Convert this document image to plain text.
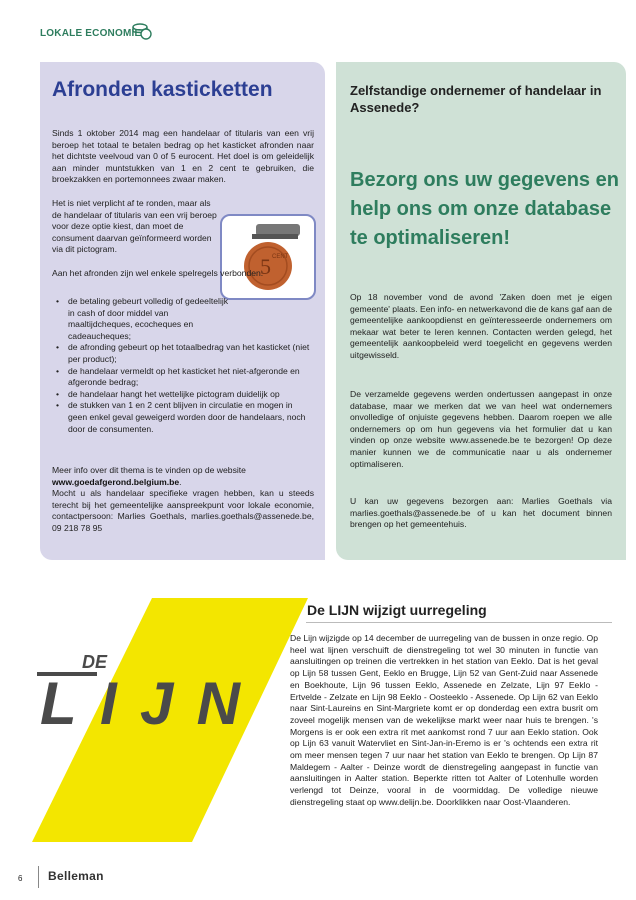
LOKALE ECONOMIE
Afronden kasticketten
Sinds 1 oktober 2014 mag een handelaar of titularis van een vrij beroep het totaal te betalen bedrag op het kasticket afronden naar het dichtste veelvoud van 0 of 5 eurocent. Het doel is om geleidelijk aan minder muntstukken van 1 en 2 cent te gebruiken, die broekzakken en portemonnees zwaar maken.
Het is niet verplicht af te ronden, maar als de handelaar of titularis van een vrij beroep voor deze optie kiest, dan moet de consument daarvan geïnformeerd worden via dit pictogram.
5 CENT
Aan het afronden zijn wel enkele spelregels verbonden:
• de betaling gebeurt volledig of gedeeltelijk in cash of door middel van maaltijdcheques, ecocheques en cadeaucheques;
• de afronding gebeurt op het totaalbedrag van het kasticket (niet per product);
• de handelaar vermeldt op het kasticket het niet-afgeronde en afgeronde bedrag;
• de handelaar hangt het wettelijke pictogram duidelijk op
• de stukken van 1 en 2 cent blijven in circulatie en mogen in geen enkel geval geweigerd worden door de handelaars, noch door de consumenten.

Meer info over dit thema is te vinden op de website
www.goedafgerond.belgium.be.

Mocht u als handelaar specifieke vragen hebben, kan u steeds terecht bij het gemeentelijke aanspreekpunt voor lokale economie, contactpersoon: Marlies Goethals, marlies.goethals@assenede.be, 09 218 78 95

Zelfstandige ondernemer of handelaar in Assenede?
Bezorg ons uw gegevens en help ons om onze database te optimaliseren!
Op 18 november vond de avond 'Zaken doen met je eigen gemeente' plaats. Een info- en netwerkavond die de kans gaf aan de gemeentelijke aankoopdienst en geïnteresseerde ondernemers om mekaar wat beter te leren kennen. Contacten werden gelegd, het gemeentelijk aankoopbeleid werd toegelicht en gegevens werden uitgewisseld.
De verzamelde gegevens werden ondertussen aangepast in onze database, maar we merken dat we van heel wat ondernemers onvolledige of onjuiste gegevens hebben. Daarom roepen we alle ondernemers op om hun gegevens via het formulier dat u kan vinden op onze website www.assenede.be te bezorgen! Op deze manier kunnen we de communicatie naar u als ondernemer optimaliseren.
U kan uw gegevens bezorgen aan: Marlies Goethals via marlies.goethals@assenede.be of u kan het document binnen brengen op het gemeentehuis.
DE
LIJN
De LIJN wijzigt uurregeling
De Lijn wijzigde op 14 december de uurregeling van de bussen in onze regio. Op heel wat lijnen verschuift de dienstregeling tot wel 30 minuten in functie van aansluitingen op treinen die vertrekken in het station van Eeklo. Dat is het geval op Lijn 58 tussen Gent, Eeklo en Brugge, Lijn 52 van Gent-Zuid naar Assenede en Boekhoute, Lijn 96 tussen Eeklo, Assenede en Zelzate, Lijn 97 Eeklo - Ertvelde - Zelzate en Lijn 98 Eeklo - Oosteeklo - Assenede. Op Lijn 62 van Eeklo naar Sint-Laureins en Sint-Margriete komt er op donderdag een extra busrit om zoveel mogelijk mensen van de wekelijkse markt weer naar huis te brengen. 's Morgens is er ook een extra rit met aankomst rond 7 uur aan Eeklo station. Ook op Lijn 63 vanuit Watervliet en Sint-Jan-in-Eremo is er 's ochtends een extra rit om meer mensen tegen 7 uur naar het station van Eeklo te brengen. Op Lijn 87 Maldegem - Aalter - Deinze wordt de dienstregeling aangepast in functie van aansluitingen in Aalter station. Beperkte ritten tot Aalter of Lotenhulle worden verlengd tot Deinze, vooral in de voormiddag. De volledige nieuwe dienstregeling staat op www.delijn.be. Doorklikken naar Oost-Vlaanderen.
6 Belleman
